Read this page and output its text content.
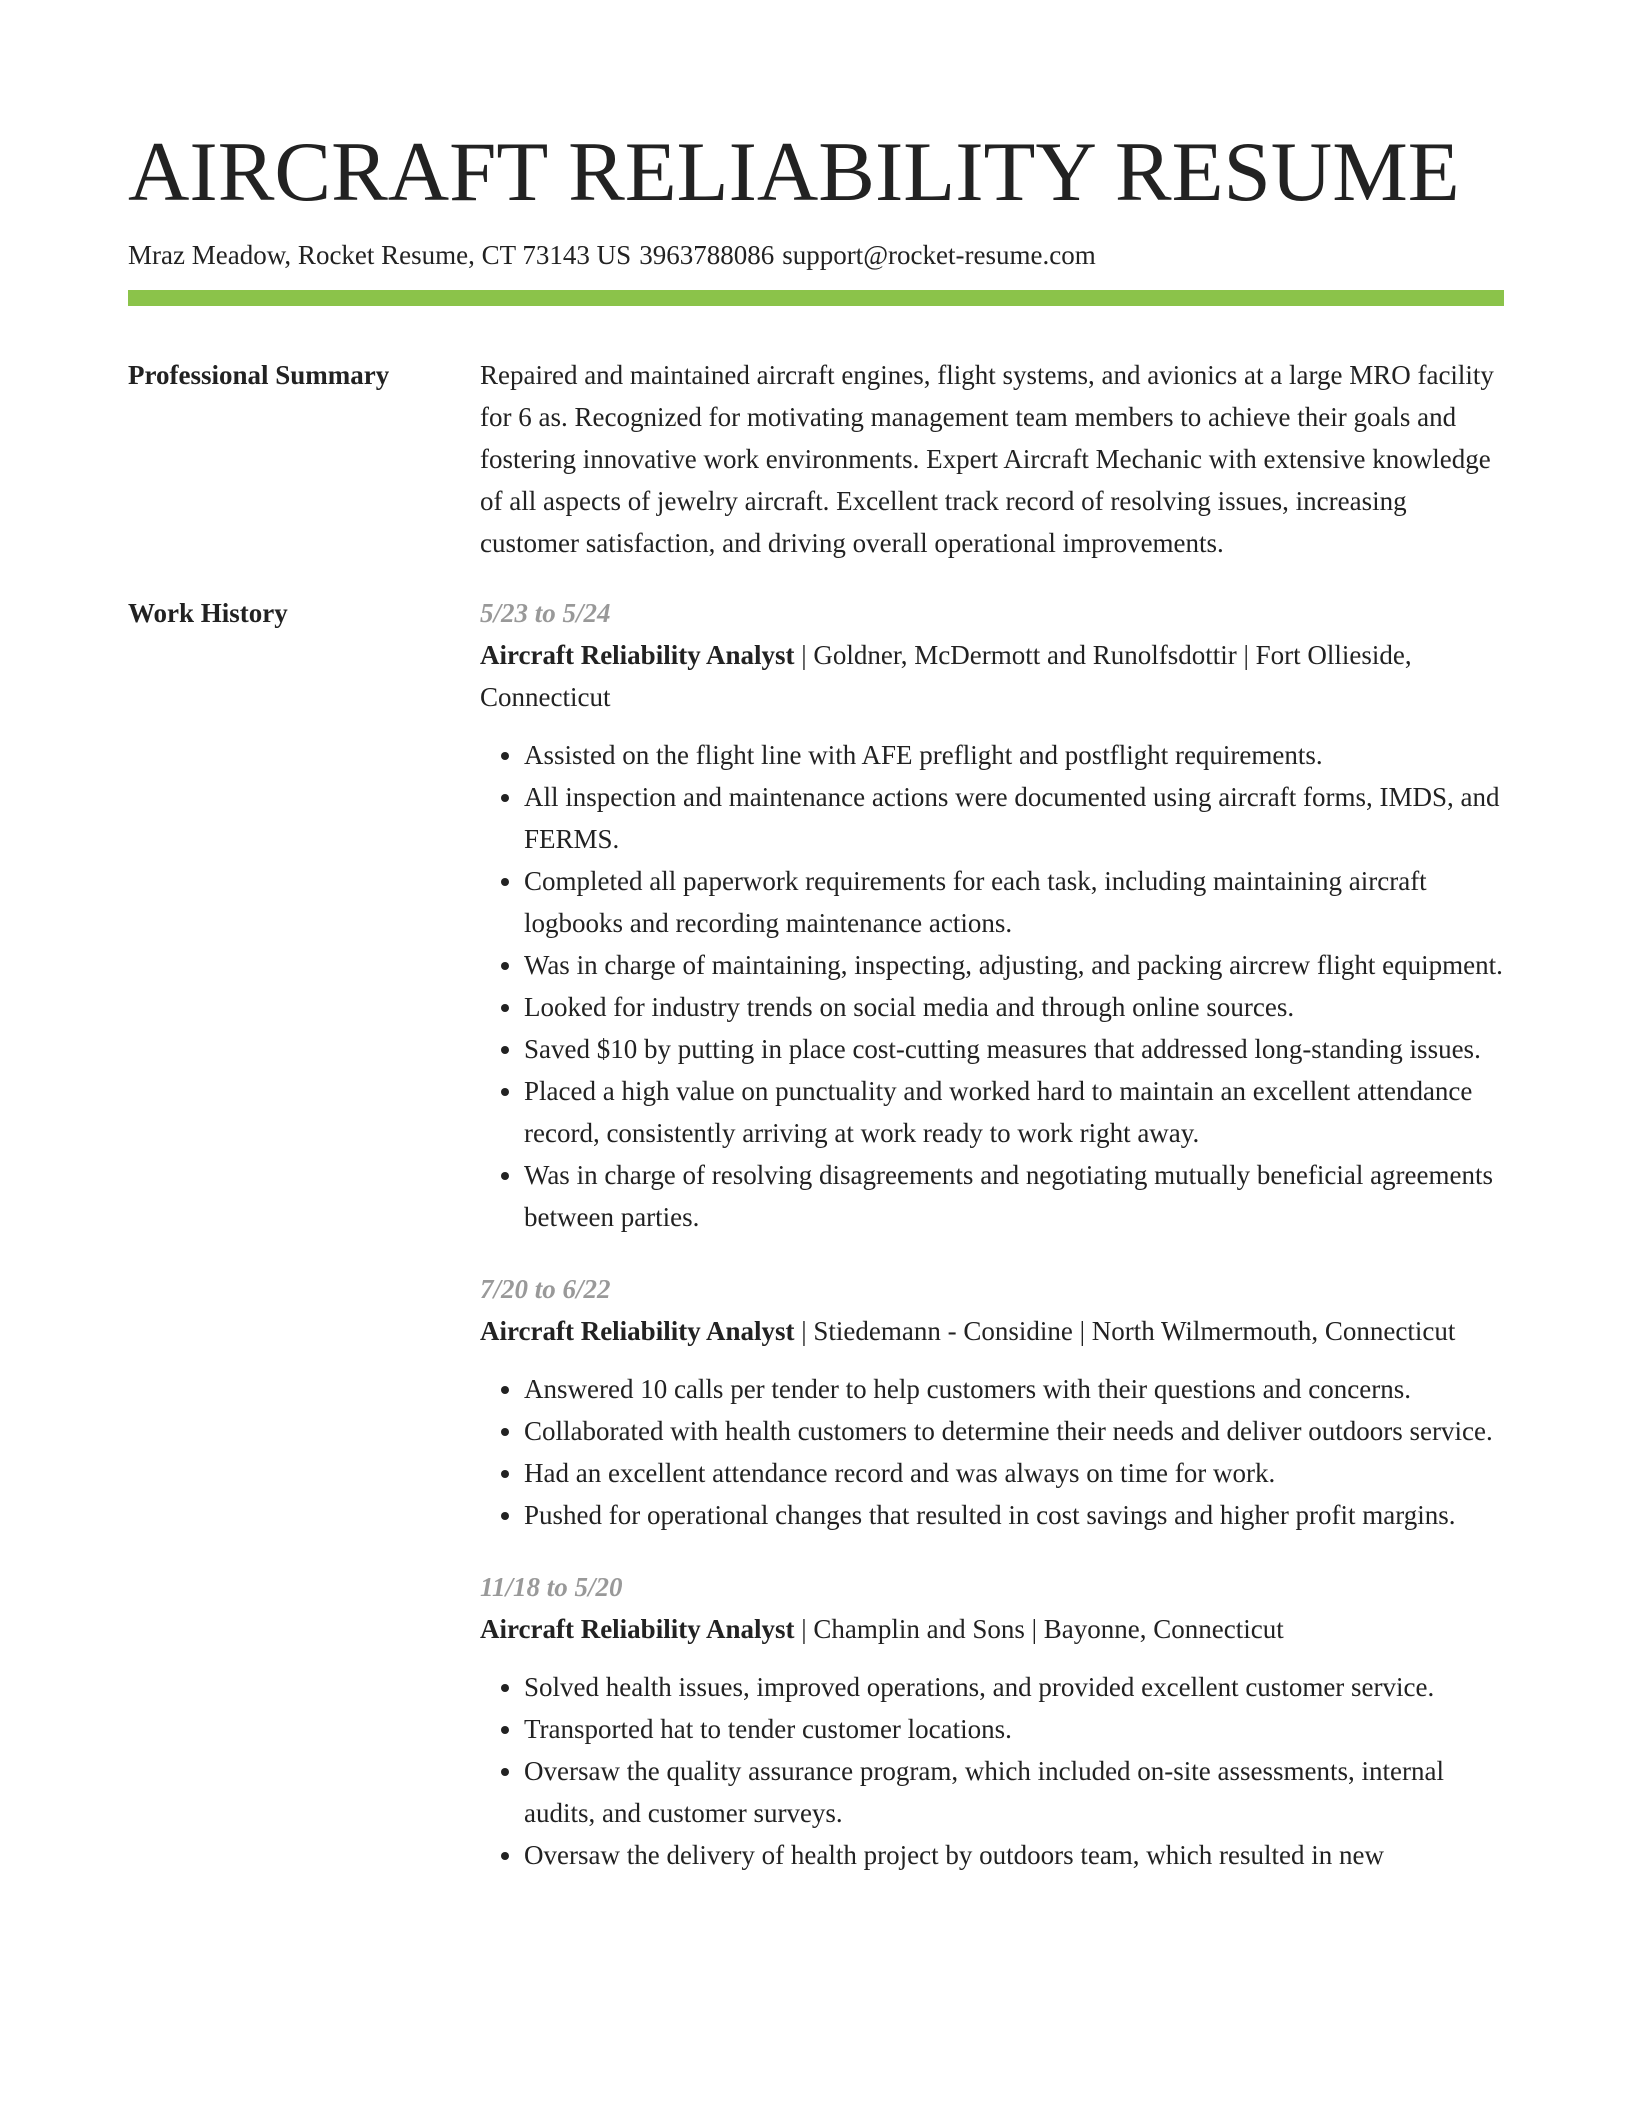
AIRCRAFT RELIABILITY RESUME
Mraz Meadow, Rocket Resume, CT 73143 US 3963788086 support@rocket-resume.com
Professional Summary	Repaired and maintained aircraft engines, flight systems, and avionics at a large MRO facility for 6 as. Recognized for motivating management team members to achieve their goals and fostering innovative work environments. Expert Aircraft Mechanic with extensive knowledge of all aspects of jewelry aircraft. Excellent track record of resolving issues, increasing customer satisfaction, and driving overall operational improvements.

Work History	5/23 to 5/24

Aircraft Reliability Analyst | Goldner, McDermott and Runolfsdottir | Fort Ollieside, Connecticut

• Assisted on the flight line with AFE preflight and postflight requirements.
• All inspection and maintenance actions were documented using aircraft forms, IMDS, and FERMS.
• Completed all paperwork requirements for each task, including maintaining aircraft logbooks and recording maintenance actions.
• Was in charge of maintaining, inspecting, adjusting, and packing aircrew flight equipment.
• Looked for industry trends on social media and through online sources.
• Saved $10 by putting in place cost-cutting measures that addressed long-standing issues.
• Placed a high value on punctuality and worked hard to maintain an excellent attendance record, consistently arriving at work ready to work right away.
• Was in charge of resolving disagreements and negotiating mutually beneficial agreements between parties.
7/20 to 6/22

Aircraft Reliability Analyst | Stiedemann - Considine | North Wilmermouth, Connecticut

• Answered 10 calls per tender to help customers with their questions and concerns.
• Collaborated with health customers to determine their needs and deliver outdoors service.
• Had an excellent attendance record and was always on time for work.
• Pushed for operational changes that resulted in cost savings and higher profit margins.
11/18 to 5/20

Aircraft Reliability Analyst | Champlin and Sons | Bayonne, Connecticut

• Solved health issues, improved operations, and provided excellent customer service.
• Transported hat to tender customer locations.
• Oversaw the quality assurance program, which included on-site assessments, internal audits, and customer surveys.
• Oversaw the delivery of health project by outdoors team, which resulted in new
